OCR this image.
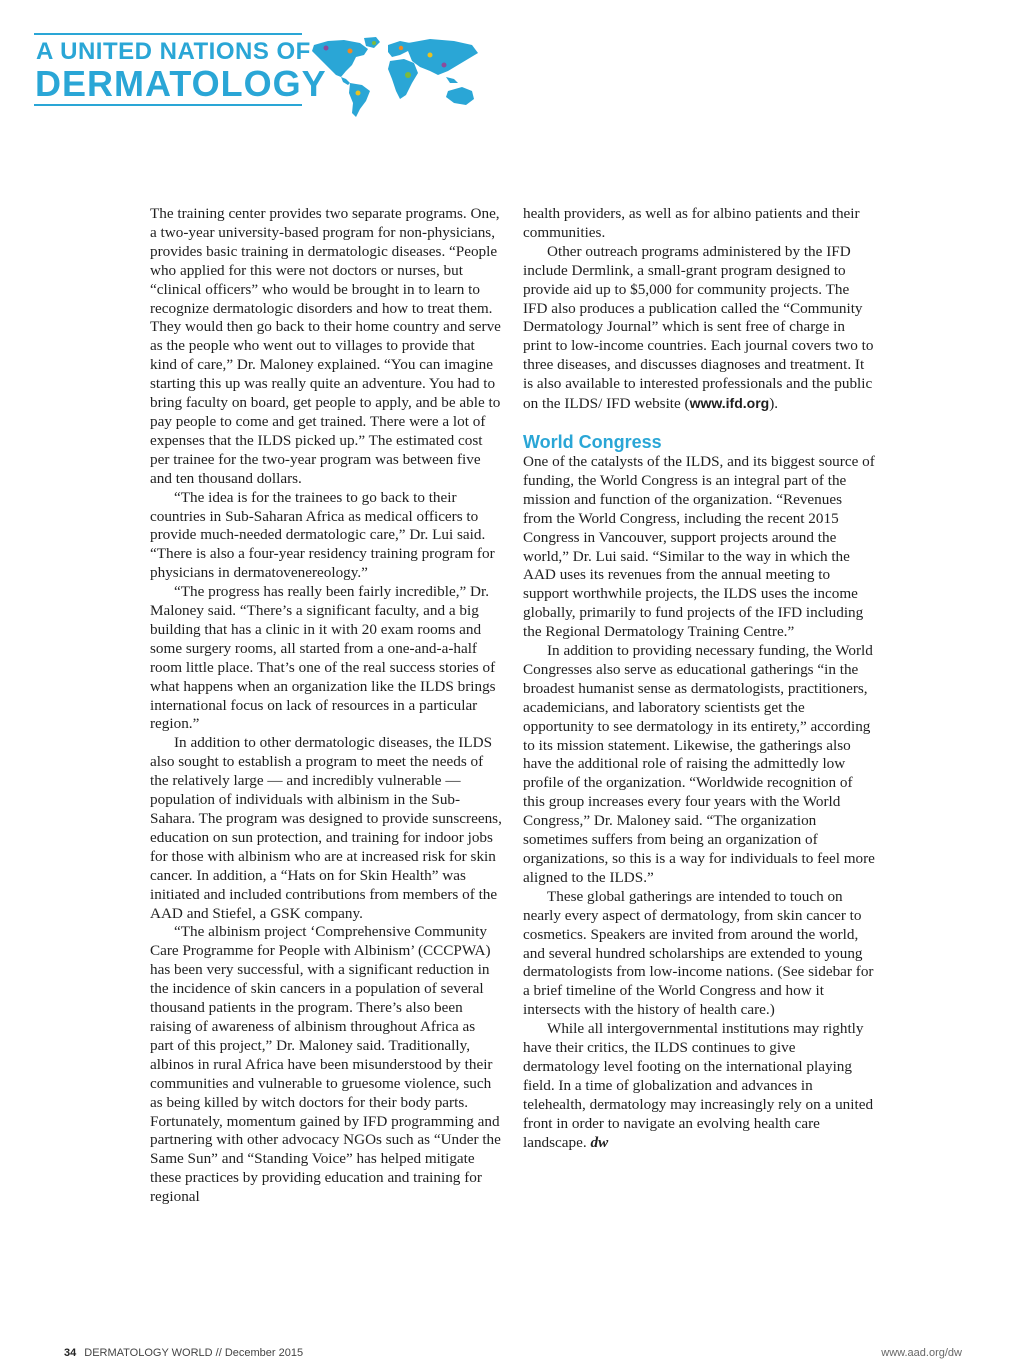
A UNITED NATIONS OF
DERMATOLOGY

The training center provides two separate programs. One, a two-year university-based program for non-physicians, provides basic training in dermatologic diseases. “People who applied for this were not doctors or nurses, but “clinical officers” who would be brought in to learn to recognize dermatologic disorders and how to treat them. They would then go back to their home country and serve as the people who went out to villages to provide that kind of care,” Dr. Maloney explained. “You can imagine starting this up was really quite an adventure. You had to bring faculty on board, get people to apply, and be able to pay people to come and get trained. There were a lot of expenses that the ILDS picked up.” The estimated cost per trainee for the two-year program was between five and ten thousand dollars.

“The idea is for the trainees to go back to their countries in Sub-Saharan Africa as medical officers to provide much-needed dermatologic care,” Dr. Lui said. “There is also a four-year residency training program for physicians in dermatovenereology.”

“The progress has really been fairly incredible,” Dr. Maloney said. “There’s a significant faculty, and a big building that has a clinic in it with 20 exam rooms and some surgery rooms, all started from a one-and-a-half room little place. That’s one of the real success stories of what happens when an organization like the ILDS brings international focus on lack of resources in a particular region.”

In addition to other dermatologic diseases, the ILDS also sought to establish a program to meet the needs of the relatively large — and incredibly vulnerable — population of individuals with albinism in the Sub-Sahara. The program was designed to provide sunscreens, education on sun protection, and training for indoor jobs for those with albinism who are at increased risk for skin cancer. In addition, a “Hats on for Skin Health” was initiated and included contributions from members of the AAD and Stiefel, a GSK company.

“The albinism project ‘Comprehensive Community Care Programme for People with Albinism’ (CCCPWA) has been very successful, with a significant reduction in the incidence of skin cancers in a population of several thousand patients in the program. There’s also been raising of awareness of albinism throughout Africa as part of this project,” Dr. Maloney said. Traditionally, albinos in rural Africa have been misunderstood by their communities and vulnerable to gruesome violence, such as being killed by witch doctors for their body parts. Fortunately, momentum gained by IFD programming and partnering with other advocacy NGOs such as “Under the Same Sun” and “Standing Voice” has helped mitigate these practices by providing education and training for regional

health providers, as well as for albino patients and their communities.

Other outreach programs administered by the IFD include Dermlink, a small-grant program designed to provide aid up to $5,000 for community projects. The IFD also produces a publication called the “Community Dermatology Journal” which is sent free of charge in print to low-income countries. Each journal covers two to three diseases, and discusses diagnoses and treatment. It is also available to interested professionals and the public on the ILDS/ IFD website (www.ifd.org).

World Congress

One of the catalysts of the ILDS, and its biggest source of funding, the World Congress is an integral part of the mission and function of the organization. “Revenues from the World Congress, including the recent 2015 Congress in Vancouver, support projects around the world,” Dr. Lui said. “Similar to the way in which the AAD uses its revenues from the annual meeting to support worthwhile projects, the ILDS uses the income globally, primarily to fund projects of the IFD including the Regional Dermatology Training Centre.”

In addition to providing necessary funding, the World Congresses also serve as educational gatherings “in the broadest humanist sense as dermatologists, practitioners, academicians, and laboratory scientists get the opportunity to see dermatology in its entirety,” according to its mission statement. Likewise, the gatherings also have the additional role of raising the admittedly low profile of the organization. “Worldwide recognition of this group increases every four years with the World Congress,” Dr. Maloney said. “The organization sometimes suffers from being an organization of organizations, so this is a way for individuals to feel more aligned to the ILDS.”

These global gatherings are intended to touch on nearly every aspect of dermatology, from skin cancer to cosmetics. Speakers are invited from around the world, and several hundred scholarships are extended to young dermatologists from low-income nations. (See sidebar for a brief timeline of the World Congress and how it intersects with the history of health care.)

While all intergovernmental institutions may rightly have their critics, the ILDS continues to give dermatology level footing on the international playing field. In a time of globalization and advances in telehealth, dermatology may increasingly rely on a united front in order to navigate an evolving health care landscape. dw

34 DERMATOLOGY WORLD // December 2015	www.aad.org/dw
